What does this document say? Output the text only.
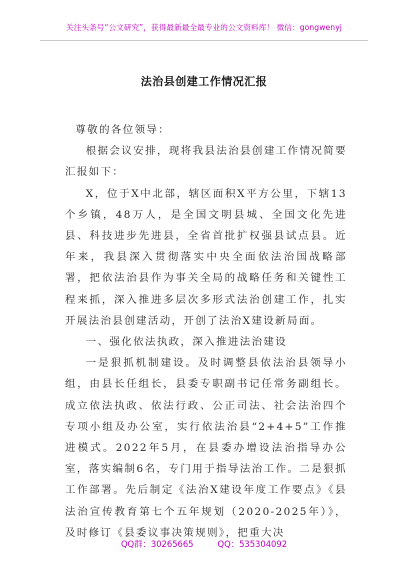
关注头条号“公文研究”，获得最新最全最专业的公文资料库！ 微信：gongwenyj
法治县创建工作情况汇报

尊敬的各位领导：

根据会议安排，现将我县法治县创建工作情况简要汇报如下：

X，位于X中北部，辖区面积X平方公里，下辖13个乡镇，48万人，是全国文明县城、全国文化先进县、科技进步先进县，全省首批扩权强县试点县。近年来，我县深入贯彻落实中央全面依法治国战略部署，把依法治县作为事关全局的战略任务和关键性工程来抓，深入推进多层次多形式法治创建工作，扎实开展法治县创建活动，开创了法治X建设新局面。

一、强化依法执政，深入推进法治建设

一是狠抓机制建设。及时调整县依法治县领导小组，由县长任组长，县委专职副书记任常务副组长。成立依法执政、依法行政、公正司法、社会法治四个专项小组及办公室，实行依法治县“2+4+5”工作推进模式。2022年5月，在县委办增设法治指导办公室，落实编制6名，专门用于指导法治工作。二是狠抓工作部署。先后制定《法治X建设年度工作要点》《县法治宣传教育第七个五年规划（2020-2025年）》，及时修订《县委议事决策规则》，把重大决

QQ群：30265665	QQ：535304092
